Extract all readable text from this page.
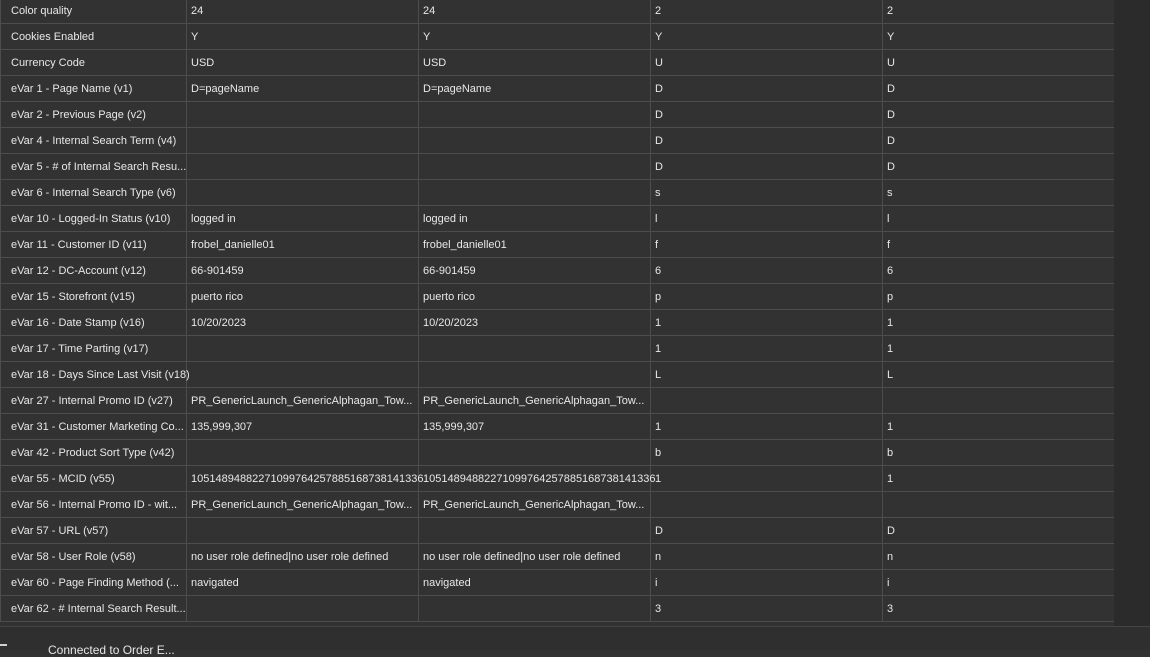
Color quality	24	24	2	2
Cookies Enabled	Y	Y	Y	Y
Currency Code	USD	USD	U	U
eVar 1 - Page Name (v1)	D=pageName	D=pageName	D	D
eVar 2 - Previous Page (v2)			D	D
eVar 4 - Internal Search Term (v4)			D	D
eVar 5 - # of Internal Search Resu...			D	D
eVar 6 - Internal Search Type (v6)			s	s
eVar 10 - Logged-In Status (v10)	logged in	logged in	l	l
eVar 11 - Customer ID (v11)	frobel_danielle01	frobel_danielle01	f	f
eVar 12 - DC-Account (v12)	66-901459	66-901459	6	6
eVar 15 - Storefront (v15)	puerto rico	puerto rico	p	p
eVar 16 - Date Stamp (v16)	10/20/2023	10/20/2023	1	1
eVar 17 - Time Parting (v17)			1	1
eVar 18 - Days Since Last Visit (v18)			L	L
eVar 27 - Internal Promo ID (v27)	PR_GenericLaunch_GenericAlphagan_Tow...	PR_GenericLaunch_GenericAlphagan_Tow...		
eVar 31 - Customer Marketing Co...	135,999,307	135,999,307	1	1
eVar 42 - Product Sort Type (v42)			b	b
eVar 55 - MCID (v55)	10514894882271099764257885168738141336	10514894882271099764257885168738141336	1	1
eVar 56 - Internal Promo ID - wit...	PR_GenericLaunch_GenericAlphagan_Tow...	PR_GenericLaunch_GenericAlphagan_Tow...		
eVar 57 - URL (v57)			D	D
eVar 58 - User Role (v58)	no user role defined|no user role defined	no user role defined|no user role defined	n	n
eVar 60 - Page Finding Method (...	navigated	navigated	i	i
eVar 62 - # Internal Search Result...			3	3
Connected to Order E...
